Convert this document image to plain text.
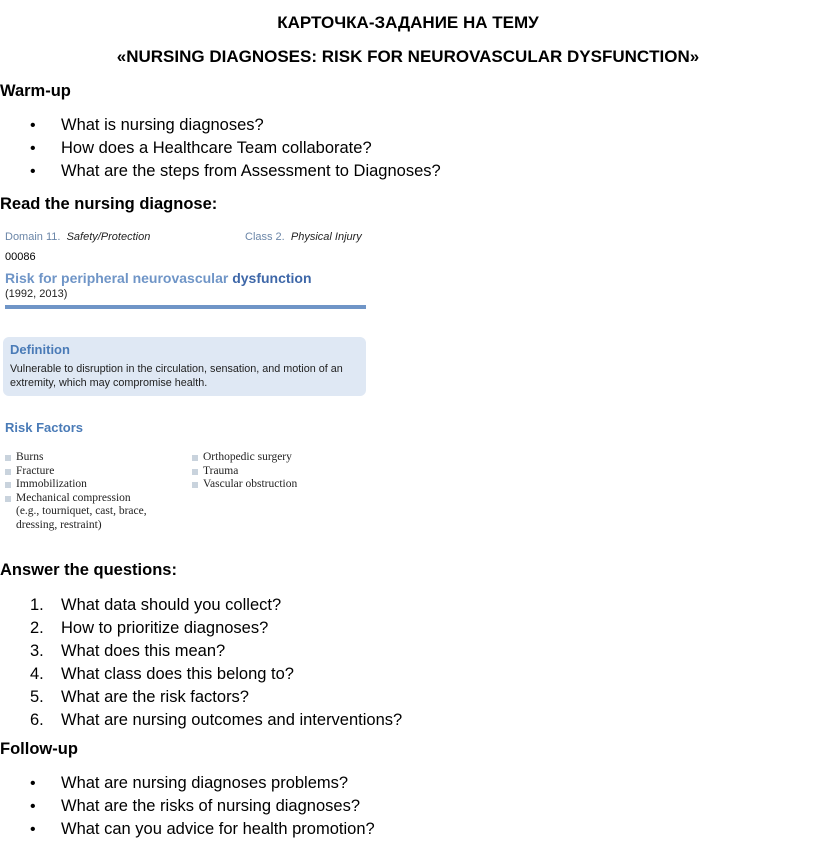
КАРТОЧКА-ЗАДАНИЕ НА ТЕМУ
«NURSING DIAGNOSES: RISK FOR NEUROVASCULAR DYSFUNCTION»
Warm-up
• What is nursing diagnoses?
• How does a Healthcare Team collaborate?
• What are the steps from Assessment to Diagnoses?
Read the nursing diagnose:
Domain 11. Safety/Protection	Class 2. Physical Injury
00086
Risk for peripheral neurovascular dysfunction
(1992, 2013)
Definition
Vulnerable to disruption in the circulation, sensation, and motion of an extremity, which may compromise health.
Risk Factors
Burns
Fracture
Immobilization
Mechanical compression
(e.g., tourniquet, cast, brace,
dressing, restraint)
Orthopedic surgery
Trauma
Vascular obstruction
Answer the questions:
1. What data should you collect?
2. How to prioritize diagnoses?
3. What does this mean?
4. What class does this belong to?
5. What are the risk factors?
6. What are nursing outcomes and interventions?
Follow-up
• What are nursing diagnoses problems?
• What are the risks of nursing diagnoses?
• What can you advice for health promotion?
